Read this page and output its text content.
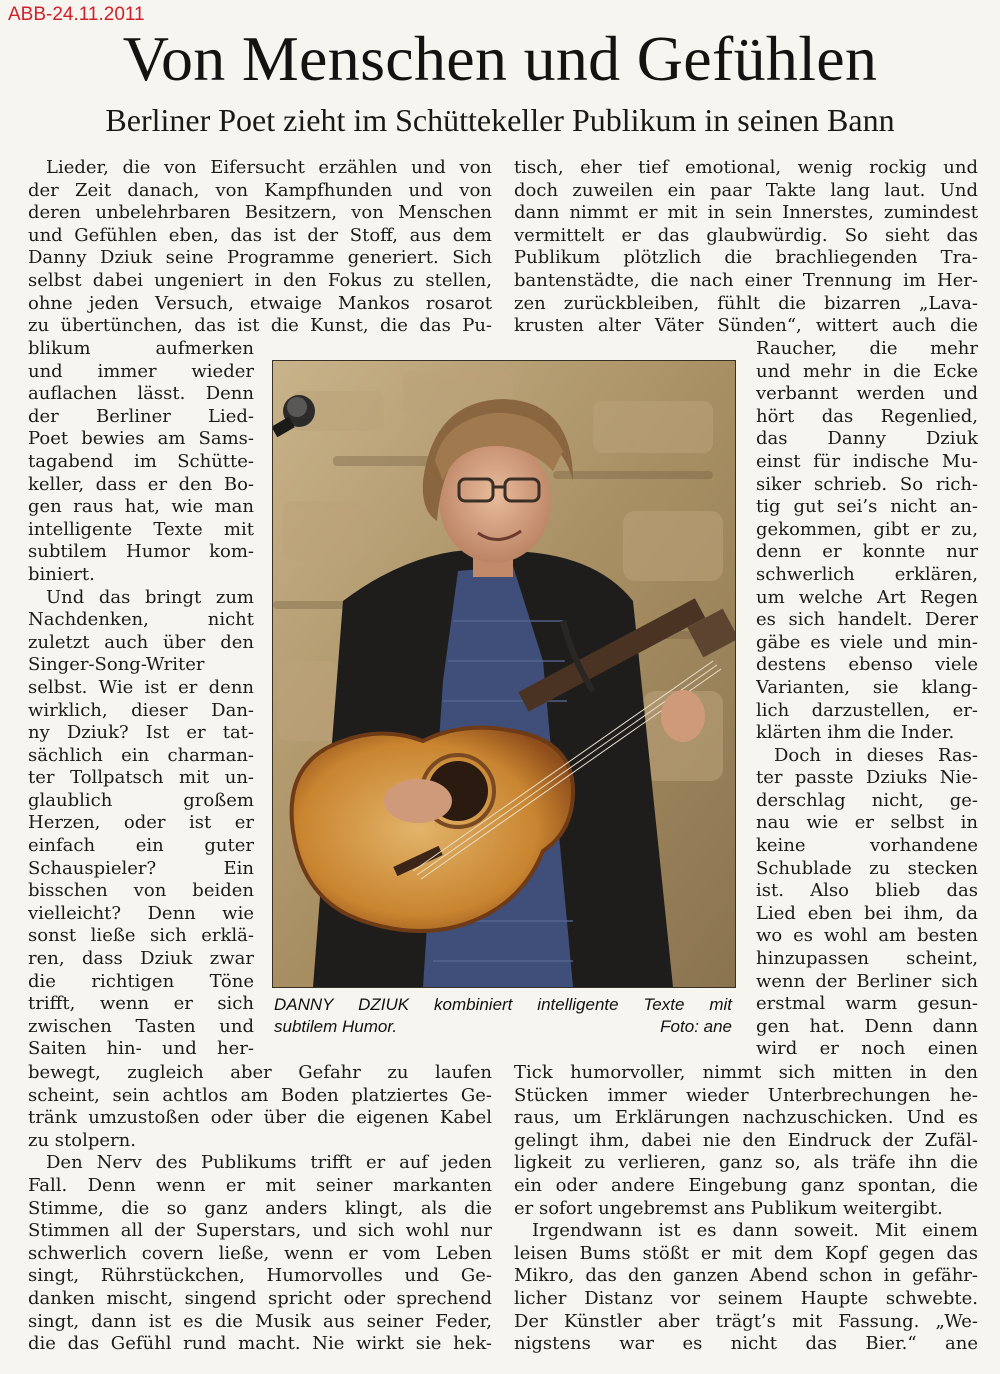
ABB-24.11.2011
Von Menschen und Gefühlen
Berliner Poet zieht im Schüttekeller Publikum in seinen Bann
Lieder, die von Eifersucht erzählen und von
der Zeit danach, von Kampfhunden und von
deren unbelehrbaren Besitzern, von Menschen
und Gefühlen eben, das ist der Stoff, aus dem
Danny Dziuk seine Programme generiert. Sich
selbst dabei ungeniert in den Fokus zu stellen,
ohne jeden Versuch, etwaige Mankos rosarot
zu übertünchen, das ist die Kunst, die das Pu-
blikum aufmerken
und immer wieder
auflachen lässt. Denn
der Berliner Lied-
Poet bewies am Sams-
tagabend im Schütte-
keller, dass er den Bo-
gen raus hat, wie man
intelligente Texte mit
subtilem Humor kom-
biniert.
Und das bringt zum
Nachdenken, nicht
zuletzt auch über den
Singer-Song-Writer
selbst. Wie ist er denn
wirklich, dieser Dan-
ny Dziuk? Ist er tat-
sächlich ein charman-
ter Tollpatsch mit un-
glaublich großem
Herzen, oder ist er
einfach ein guter
Schauspieler? Ein
bisschen von beiden
vielleicht? Denn wie
sonst ließe sich erklä-
ren, dass Dziuk zwar
die richtigen Töne
trifft, wenn er sich
zwischen Tasten und
Saiten hin- und her-
bewegt, zugleich aber Gefahr zu laufen
scheint, sein achtlos am Boden platziertes Ge-
tränk umzustoßen oder über die eigenen Kabel
zu stolpern.
Den Nerv des Publikums trifft er auf jeden
Fall. Denn wenn er mit seiner markanten
Stimme, die so ganz anders klingt, als die
Stimmen all der Superstars, und sich wohl nur
schwerlich covern ließe, wenn er vom Leben
singt, Rührstückchen, Humorvolles und Ge-
danken mischt, singend spricht oder sprechend
singt, dann ist es die Musik aus seiner Feder,
die das Gefühl rund macht. Nie wirkt sie hek-
tisch, eher tief emotional, wenig rockig und
doch zuweilen ein paar Takte lang laut. Und
dann nimmt er mit in sein Innerstes, zumindest
vermittelt er das glaubwürdig. So sieht das
Publikum plötzlich die brachliegenden Tra-
bantenstädte, die nach einer Trennung im Her-
zen zurückbleiben, fühlt die bizarren „Lava-
krusten alter Väter Sünden“, wittert auch die
Raucher, die mehr
und mehr in die Ecke
verbannt werden und
hört das Regenlied,
das Danny Dziuk
einst für indische Mu-
siker schrieb. So rich-
tig gut sei’s nicht an-
gekommen, gibt er zu,
denn er konnte nur
schwerlich erklären,
um welche Art Regen
es sich handelt. Derer
gäbe es viele und min-
destens ebenso viele
Varianten, sie klang-
lich darzustellen, er-
klärten ihm die Inder.
Doch in dieses Ras-
ter passte Dziuks Nie-
derschlag nicht, ge-
nau wie er selbst in
keine vorhandene
Schublade zu stecken
ist. Also blieb das
Lied eben bei ihm, da
wo es wohl am besten
hinzupassen scheint,
wenn der Berliner sich
erstmal warm gesun-
gen hat. Denn dann
wird er noch einen
Tick humorvoller, nimmt sich mitten in den
Stücken immer wieder Unterbrechungen he-
raus, um Erklärungen nachzuschicken. Und es
gelingt ihm, dabei nie den Eindruck der Zufäl-
ligkeit zu verlieren, ganz so, als träfe ihn die
ein oder andere Eingebung ganz spontan, die
er sofort ungebremst ans Publikum weitergibt.
Irgendwann ist es dann soweit. Mit einem
leisen Bums stößt er mit dem Kopf gegen das
Mikro, das den ganzen Abend schon in gefähr-
licher Distanz vor seinem Haupte schwebte.
Der Künstler aber trägt’s mit Fassung. „We-
nigstens war es nicht das Bier.“ ane
DANNY DZIUK kombiniert intelligente Texte mit
subtilem Humor.	Foto: ane
